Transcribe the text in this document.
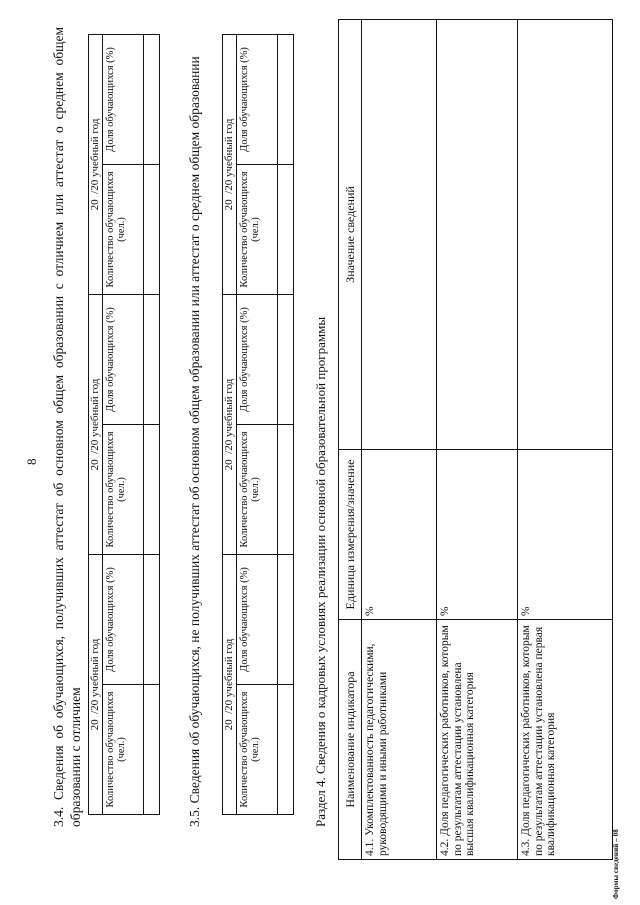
8 3.4. Сведения об обучающихся, получивших аттестат об основном общем образовании с отличием или аттестат о среднем общем образовании с отличием 20  /20 учебный год		20  /20 учебный год		20  /20 учебный год	
Количество обучающихся (чел.)	Доля обучающихся (%)	Количество обучающихся (чел.)	Доля обучающихся (%)	Количество обучающихся (чел.)	Доля обучающихся (%)
						3.5. Сведения об обучающихся, не получивших аттестат об основном общем образовании или аттестат о среднем общем образовании 20  /20 учебный год		20  /20 учебный год		20  /20 учебный год	
Количество обучающихся (чел.)	Доля обучающихся (%)	Количество обучающихся (чел.)	Доля обучающихся (%)	Количество обучающихся (чел.)	Доля обучающихся (%)

Раздел 4. Сведения о кадровых условиях реализации основной образовательной программы Наименование индикатора	Единица измерения/значение	Значение сведений
4.1. Укомплектованность педагогическими, руководящими и иными работниками	%	
4.2. Доля педагогических работников, которым по результатам аттестации установлена высшая квалификационная категория	%	
4.3. Доля педагогических работников, которым по результатам аттестации установлена первая квалификационная категория	%	
Формы сведений – 08
